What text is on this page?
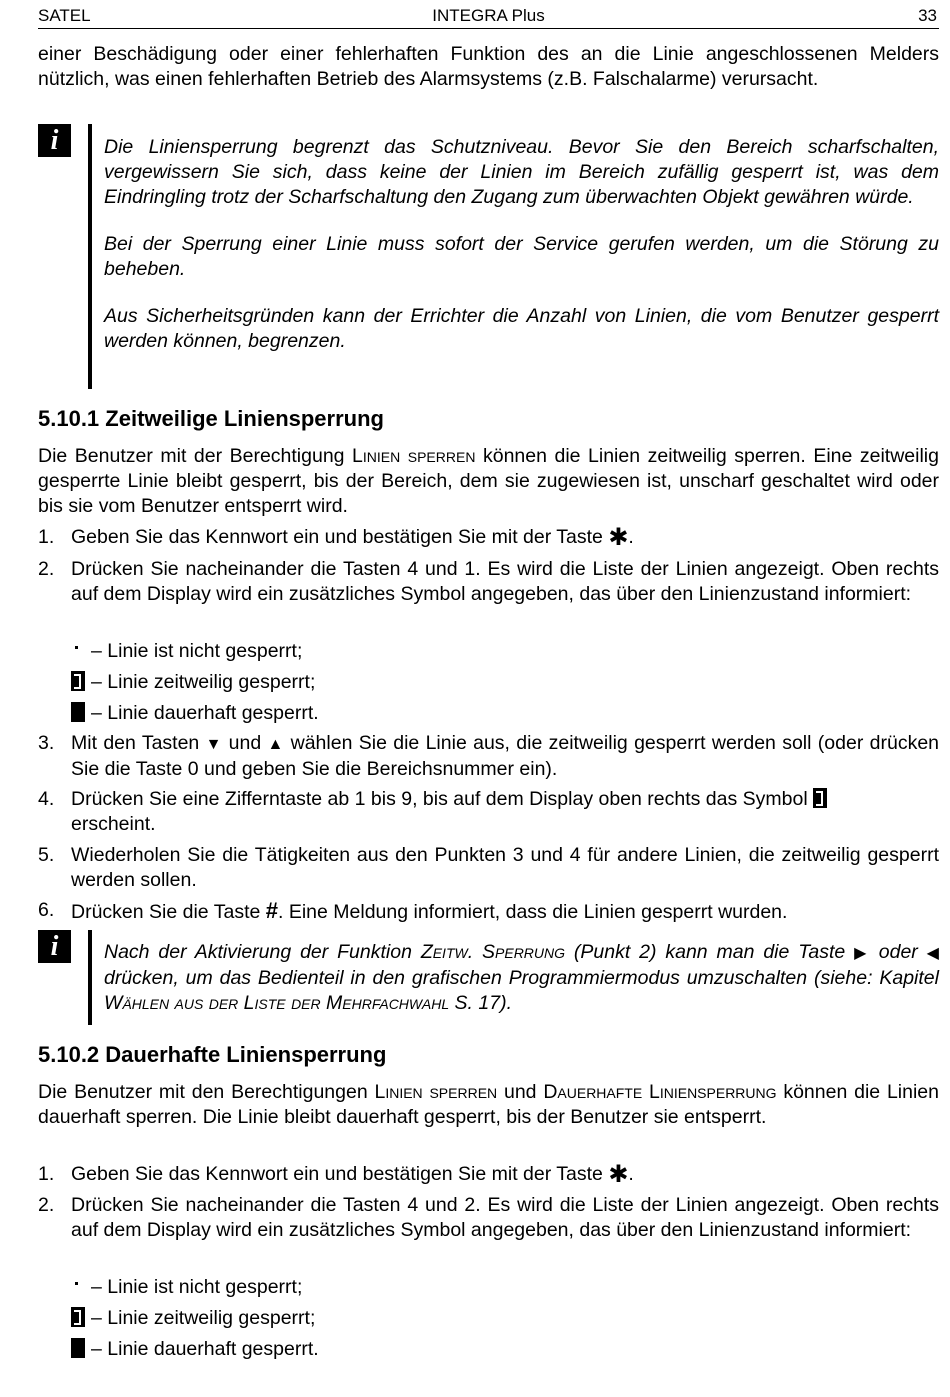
SATEL	INTEGRA Plus	33

einer Beschädigung oder einer fehlerhaften Funktion des an die Linie angeschlossenen Melders nützlich, was einen fehlerhaften Betrieb des Alarmsystems (z.B. Falschalarme) verursacht.

i	Die Liniensperrung begrenzt das Schutzniveau. Bevor Sie den Bereich scharfschalten, vergewissern Sie sich, dass keine der Linien im Bereich zufällig gesperrt ist, was dem Eindringling trotz der Scharfschaltung den Zugang zum überwachten Objekt gewähren würde.

Bei der Sperrung einer Linie muss sofort der Service gerufen werden, um die Störung zu beheben.

Aus Sicherheitsgründen kann der Errichter die Anzahl von Linien, die vom Benutzer gesperrt werden können, begrenzen.

5.10.1 Zeitweilige Liniensperrung

Die Benutzer mit der Berechtigung Linien sperren können die Linien zeitweilig sperren. Eine zeitweilig gesperrte Linie bleibt gesperrt, bis der Bereich, dem sie zugewiesen ist, unscharf geschaltet wird oder bis sie vom Benutzer entsperrt wird.

1. Geben Sie das Kennwort ein und bestätigen Sie mit der Taste ✱.
2. Drücken Sie nacheinander die Tasten 4 und 1. Es wird die Liste der Linien angezeigt. Oben rechts auf dem Display wird ein zusätzliches Symbol angegeben, das über den Linienzustand informiert:
– Linie ist nicht gesperrt;
– Linie zeitweilig gesperrt;
– Linie dauerhaft gesperrt.
3. Mit den Tasten ▼ und ▲ wählen Sie die Linie aus, die zeitweilig gesperrt werden soll (oder drücken Sie die Taste 0 und geben Sie die Bereichsnummer ein).
4. Drücken Sie eine Zifferntaste ab 1 bis 9, bis auf dem Display oben rechts das Symbol
erscheint.
5. Wiederholen Sie die Tätigkeiten aus den Punkten 3 und 4 für andere Linien, die zeitweilig gesperrt werden sollen.
6. Drücken Sie die Taste #. Eine Meldung informiert, dass die Linien gesperrt wurden.
i	Nach der Aktivierung der Funktion Zeitw. Sperrung (Punkt 2) kann man die Taste ▶ oder ◀ drücken, um das Bedienteil in den grafischen Programmiermodus umzuschalten (siehe: Kapitel Wählen aus der Liste der Mehrfachwahl S. 17).
5.10.2 Dauerhafte Liniensperrung

Die Benutzer mit den Berechtigungen Linien sperren und Dauerhafte Liniensperrung können die Linien dauerhaft sperren. Die Linie bleibt dauerhaft gesperrt, bis der Benutzer sie entsperrt.

1. Geben Sie das Kennwort ein und bestätigen Sie mit der Taste ✱.
2. Drücken Sie nacheinander die Tasten 4 und 2. Es wird die Liste der Linien angezeigt. Oben rechts auf dem Display wird ein zusätzliches Symbol angegeben, das über den Linienzustand informiert:
– Linie ist nicht gesperrt;
– Linie zeitweilig gesperrt;
– Linie dauerhaft gesperrt.
